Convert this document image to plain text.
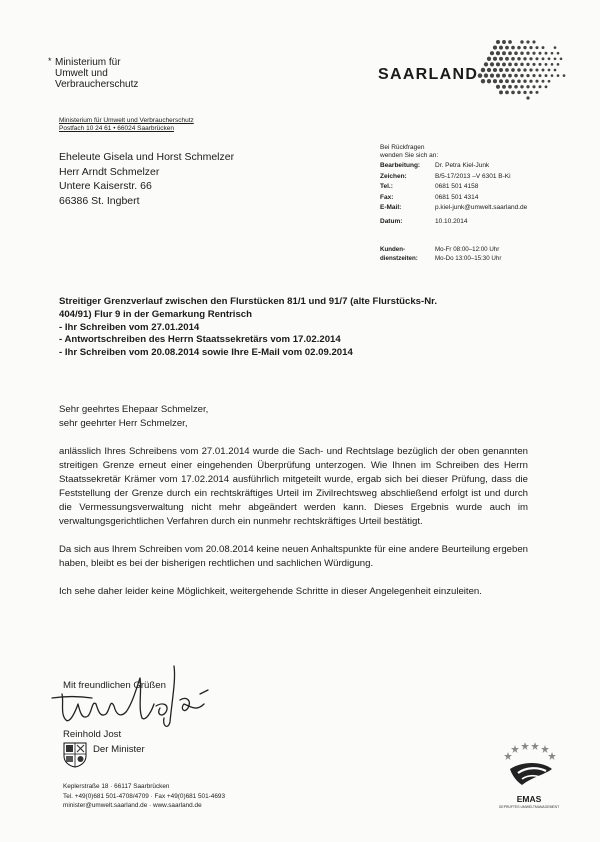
* Ministerium für
Umwelt und
Verbraucherschutz
SAARLAND
Ministerium für Umwelt und Verbraucherschutz
Postfach 10 24 61 • 66024 Saarbrücken
Eheleute Gisela und Horst Schmelzer
Herr Arndt Schmelzer
Untere Kaiserstr. 66
66386 St. Ingbert
Bei Rückfragen
wenden Sie sich an:
Bearbeitung:	Dr. Petra Kiel-Junk
Zeichen:	B/5-17/2013 –V 6301 B-Ki
Tel.:	0681 501 4158
Fax:	0681 501 4314
E-Mail:	p.kiel-junk@umwelt.saarland.de
Datum:	10.10.2014
Kunden-	Mo-Fr 08:00–12:00 Uhr
dienstzeiten:	Mo-Do 13:00–15:30 Uhr
Streitiger Grenzverlauf zwischen den Flurstücken 81/1 und 91/7 (alte Flurstücks-Nr.
404/91) Flur 9 in der Gemarkung Rentrisch
- Ihr Schreiben vom 27.01.2014
- Antwortschreiben des Herrn Staatssekretärs vom 17.02.2014
- Ihr Schreiben vom 20.08.2014 sowie Ihre E-Mail vom 02.09.2014

Sehr geehrtes Ehepaar Schmelzer,

sehr geehrter Herr Schmelzer,

anlässlich Ihres Schreibens vom 27.01.2014 wurde die Sach- und Rechtslage bezüglich der oben genannten streitigen Grenze erneut einer eingehenden Überprüfung unterzogen. Wie Ihnen im Schreiben des Herrn Staatssekretär Krämer vom 17.02.2014 ausführlich mitgeteilt wurde, ergab sich bei dieser Prüfung, dass die Feststellung der Grenze durch ein rechtskräftiges Urteil im Zivilrechtsweg abschließend erfolgt ist und durch die Vermessungsverwaltung nicht mehr abgeändert werden kann. Dieses Ergebnis wurde auch im verwaltungsgerichtlichen Verfahren durch ein nunmehr rechtskräftiges Urteil bestätigt.

Da sich aus Ihrem Schreiben vom 20.08.2014 keine neuen Anhaltspunkte für eine andere Beurteilung ergeben haben, bleibt es bei der bisherigen rechtlichen und sachlichen Würdigung.

Ich sehe daher leider keine Möglichkeit, weitergehende Schritte in dieser Angelegenheit einzuleiten.

Mit freundlichen Grüßen
Reinhold Jost
Der Minister
Keplerstraße 18 · 66117 Saarbrücken
Tel. +49(0)681 501-4708/4709 · Fax +49(0)681 501-4693
minister@umwelt.saarland.de · www.saarland.de
EMAS
GEPRÜFTES UMWELTMANAGEMENT
